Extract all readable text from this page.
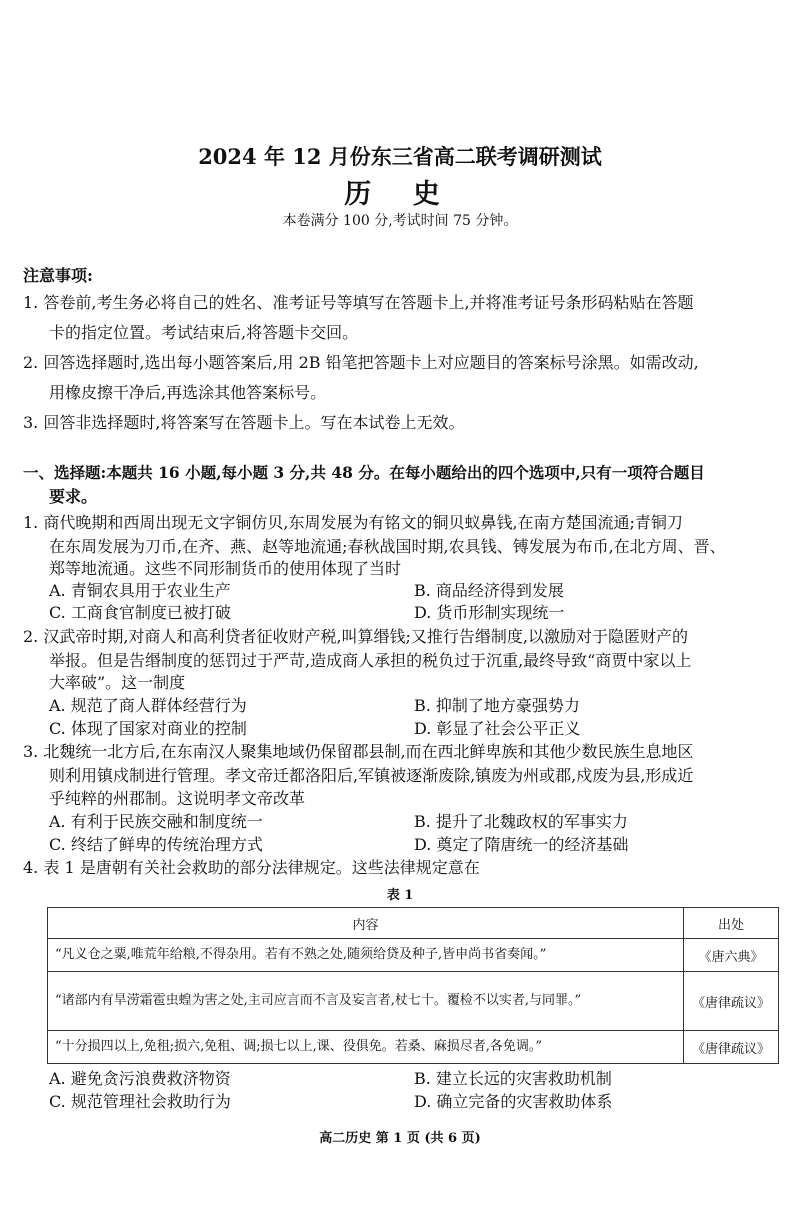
2024 年 12 月份东三省高二联考调研测试
历 史
本卷满分 100 分,考试时间 75 分钟。
注意事项:
1. 答卷前,考生务必将自己的姓名、准考证号等填写在答题卡上,并将准考证号条形码粘贴在答题
卡的指定位置。考试结束后,将答题卡交回。
2. 回答选择题时,选出每小题答案后,用 2B 铅笔把答题卡上对应题目的答案标号涂黑。如需改动,
用橡皮擦干净后,再选涂其他答案标号。
3. 回答非选择题时,将答案写在答题卡上。写在本试卷上无效。
一、选择题:本题共 16 小题,每小题 3 分,共 48 分。在每小题给出的四个选项中,只有一项符合题目
要求。
1. 商代晚期和西周出现无文字铜仿贝,东周发展为有铭文的铜贝蚁鼻钱,在南方楚国流通;青铜刀
在东周发展为刀币,在齐、燕、赵等地流通;春秋战国时期,农具钱、镈发展为布币,在北方周、晋、
郑等地流通。这些不同形制货币的使用体现了当时
A. 青铜农具用于农业生产	B. 商品经济得到发展
C. 工商食官制度已被打破	D. 货币形制实现统一
2. 汉武帝时期,对商人和高利贷者征收财产税,叫算缗钱;又推行告缗制度,以激励对于隐匿财产的
举报。但是告缗制度的惩罚过于严苛,造成商人承担的税负过于沉重,最终导致“商贾中家以上
大率破”。这一制度
A. 规范了商人群体经营行为	B. 抑制了地方豪强势力
C. 体现了国家对商业的控制	D. 彰显了社会公平正义
3. 北魏统一北方后,在东南汉人聚集地域仍保留郡县制,而在西北鲜卑族和其他少数民族生息地区
则利用镇戍制进行管理。孝文帝迁都洛阳后,军镇被逐渐废除,镇废为州或郡,戍废为县,形成近
乎纯粹的州郡制。这说明孝文帝改革
A. 有利于民族交融和制度统一	B. 提升了北魏政权的军事实力
C. 终结了鲜卑的传统治理方式	D. 奠定了隋唐统一的经济基础
4. 表 1 是唐朝有关社会救助的部分法律规定。这些法律规定意在
表 1
内容	出处
“凡义仓之粟,唯荒年给粮,不得杂用。若有不熟之处,随须给贷及种子,皆申尚书省奏闻。”	《唐六典》
“诸部内有旱涝霜雹虫蝗为害之处,主司应言而不言及妄言者,杖七十。覆检不以实者,与同罪。”	《唐律疏议》
“十分损四以上,免租;损六,免租、调;损七以上,课、役俱免。若桑、麻损尽者,各免调。”	《唐律疏议》
A. 避免贪污浪费救济物资	B. 建立长远的灾害救助机制
C. 规范管理社会救助行为	D. 确立完备的灾害救助体系
高二历史 第 1 页 (共 6 页)
